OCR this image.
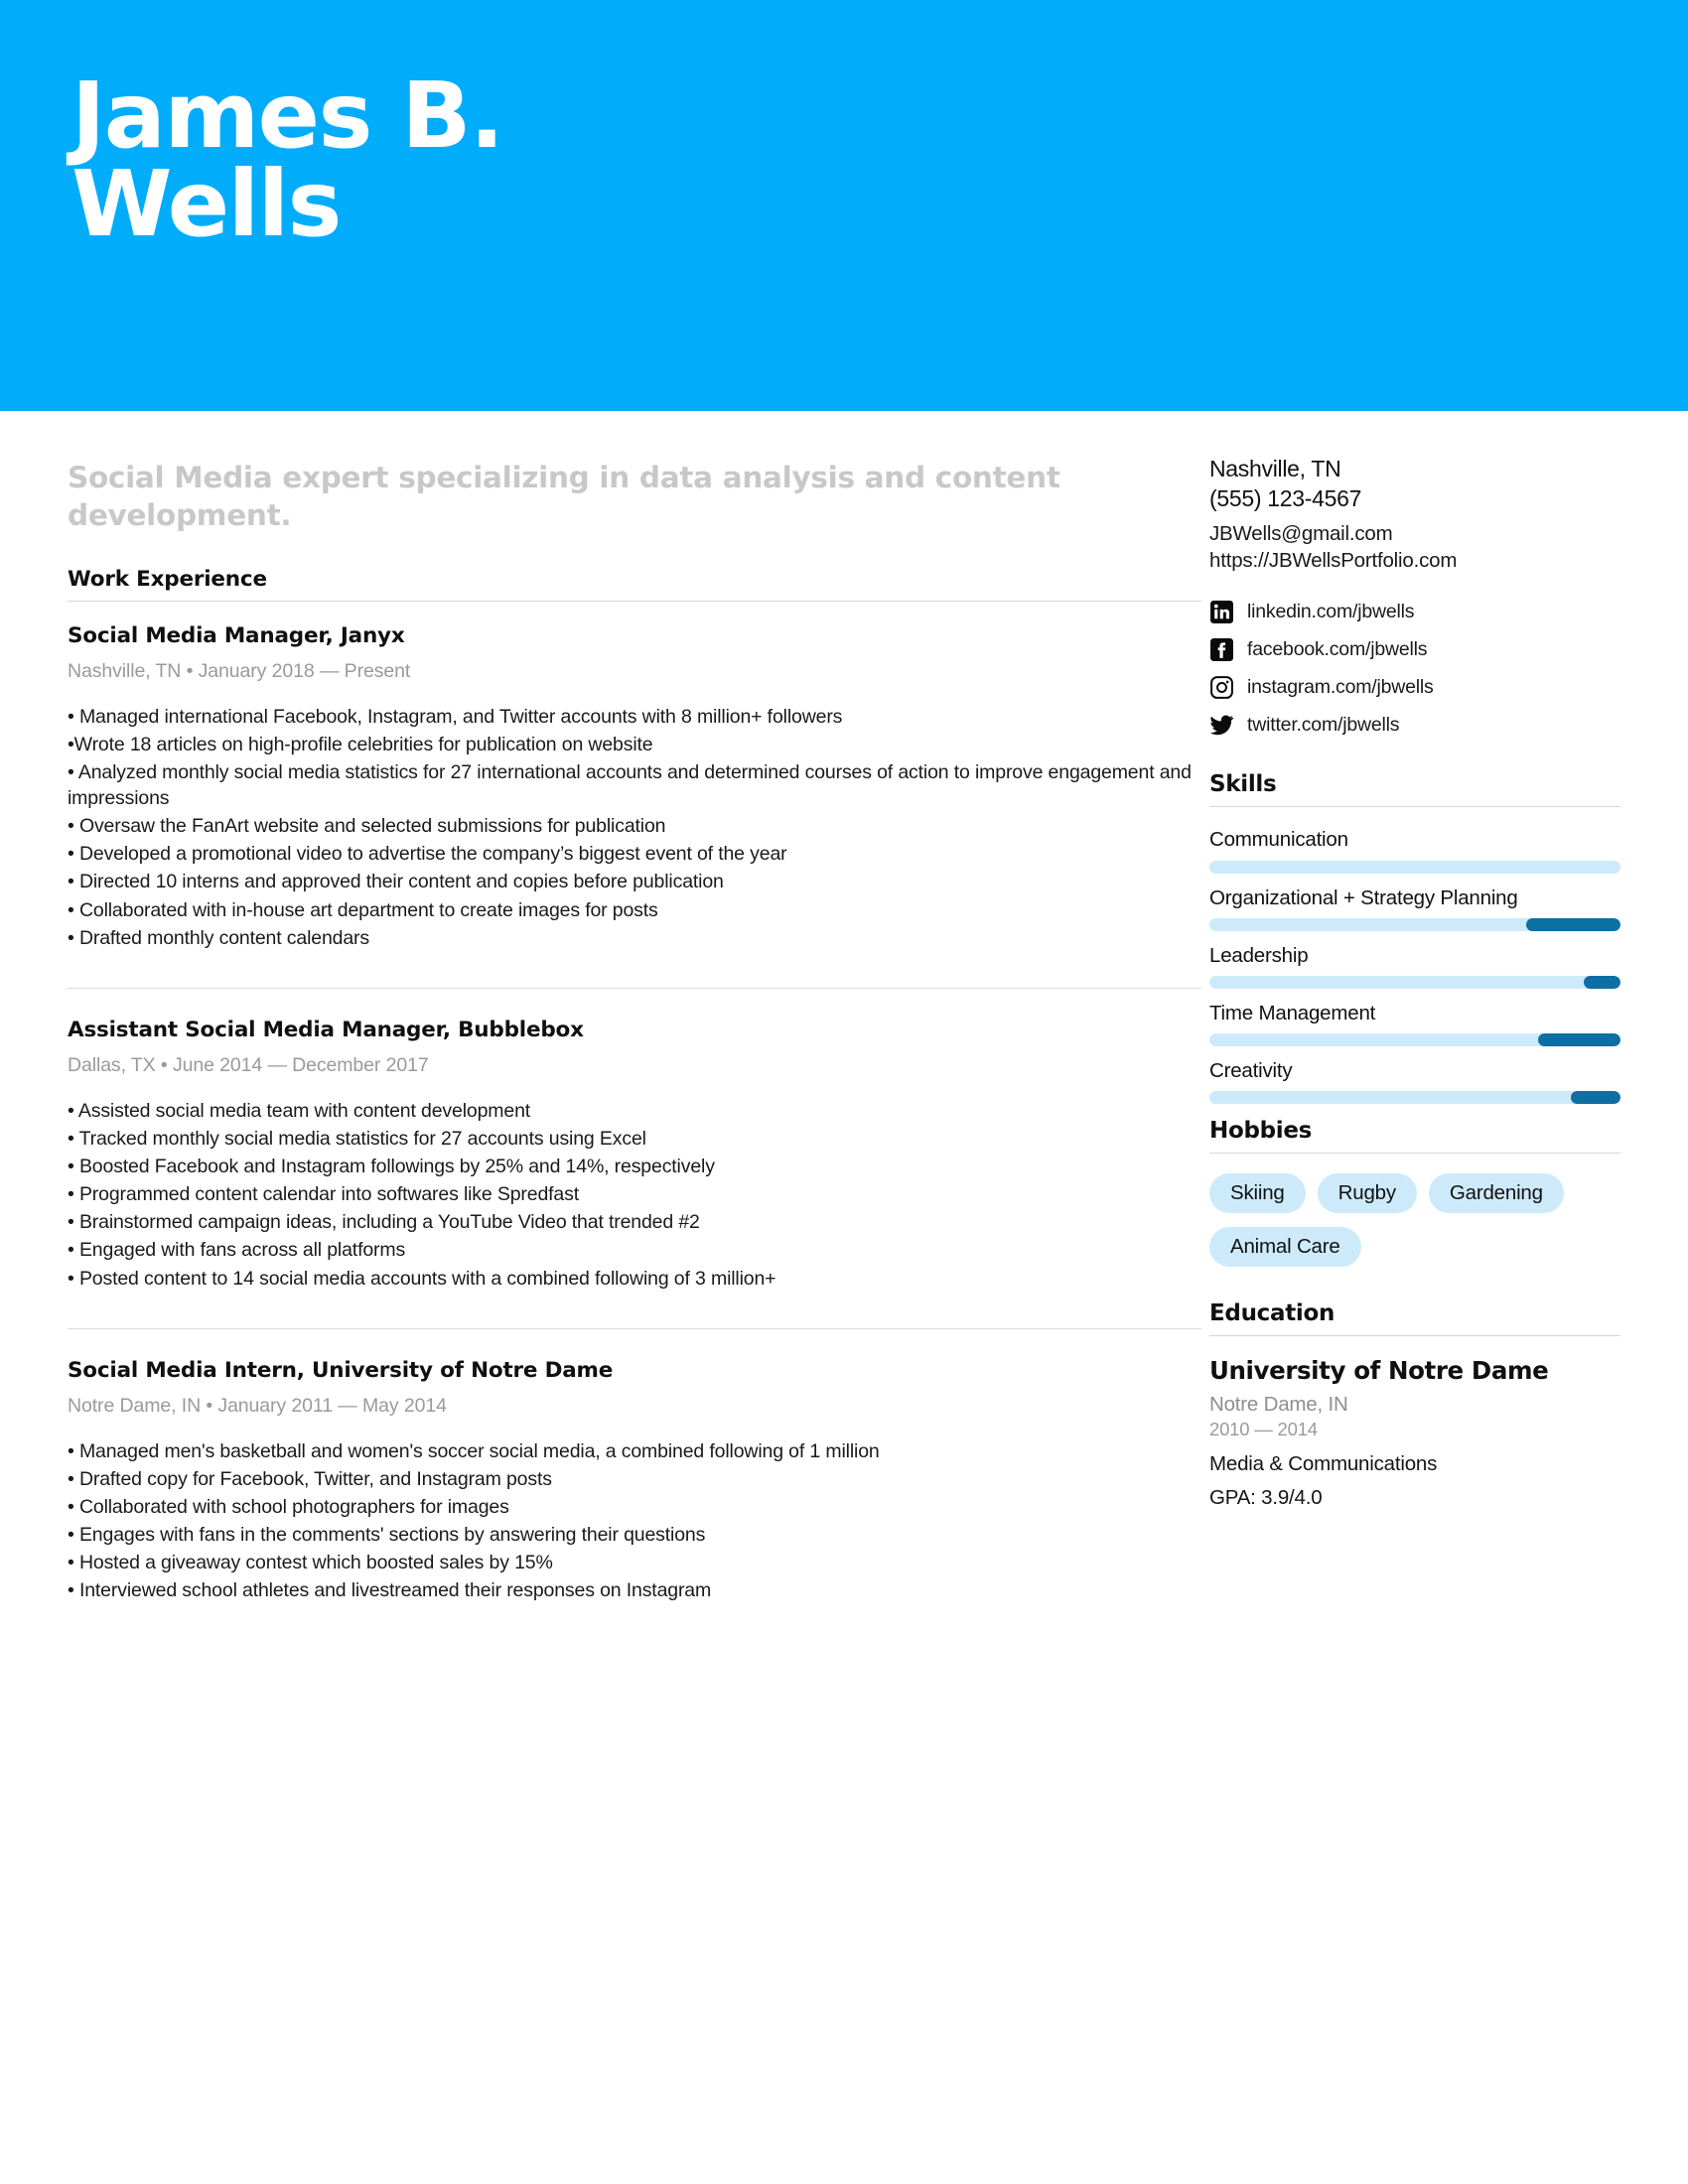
James B.
Wells
Social Media expert specializing in data analysis and content development.
Work Experience
Social Media Manager, Janyx
Nashville, TN • January 2018 — Present
• Managed international Facebook, Instagram, and Twitter accounts with 8 million+ followers
•Wrote 18 articles on high-profile celebrities for publication on website
• Analyzed monthly social media statistics for 27 international accounts and determined courses of action to improve engagement and impressions
• Oversaw the FanArt website and selected submissions for publication
• Developed a promotional video to advertise the company’s biggest event of the year
• Directed 10 interns and approved their content and copies before publication
• Collaborated with in-house art department to create images for posts
• Drafted monthly content calendars
Assistant Social Media Manager, Bubblebox
Dallas, TX • June 2014 — December 2017
• Assisted social media team with content development
• Tracked monthly social media statistics for 27 accounts using Excel
• Boosted Facebook and Instagram followings by 25% and 14%, respectively
• Programmed content calendar into softwares like Spredfast
• Brainstormed campaign ideas, including a YouTube Video that trended #2
• Engaged with fans across all platforms
• Posted content to 14 social media accounts with a combined following of 3 million+
Social Media Intern, University of Notre Dame
Notre Dame, IN • January 2011 — May 2014
• Managed men's basketball and women's soccer social media, a combined following of 1 million
• Drafted copy for Facebook, Twitter, and Instagram posts
• Collaborated with school photographers for images
• Engages with fans in the comments' sections by answering their questions
• Hosted a giveaway contest which boosted sales by 15%
• Interviewed school athletes and livestreamed their responses on Instagram
Nashville, TN
(555) 123-4567
JBWells@gmail.com
https://JBWellsPortfolio.com
linkedin.com/jbwells
facebook.com/jbwells
instagram.com/jbwells
twitter.com/jbwells
Skills
Communication
Organizational + Strategy Planning
Leadership
Time Management
Creativity
Hobbies
Skiing	Rugby	Gardening
Animal Care
Education
University of Notre Dame
Notre Dame, IN
2010 — 2014
Media & Communications
GPA: 3.9/4.0
